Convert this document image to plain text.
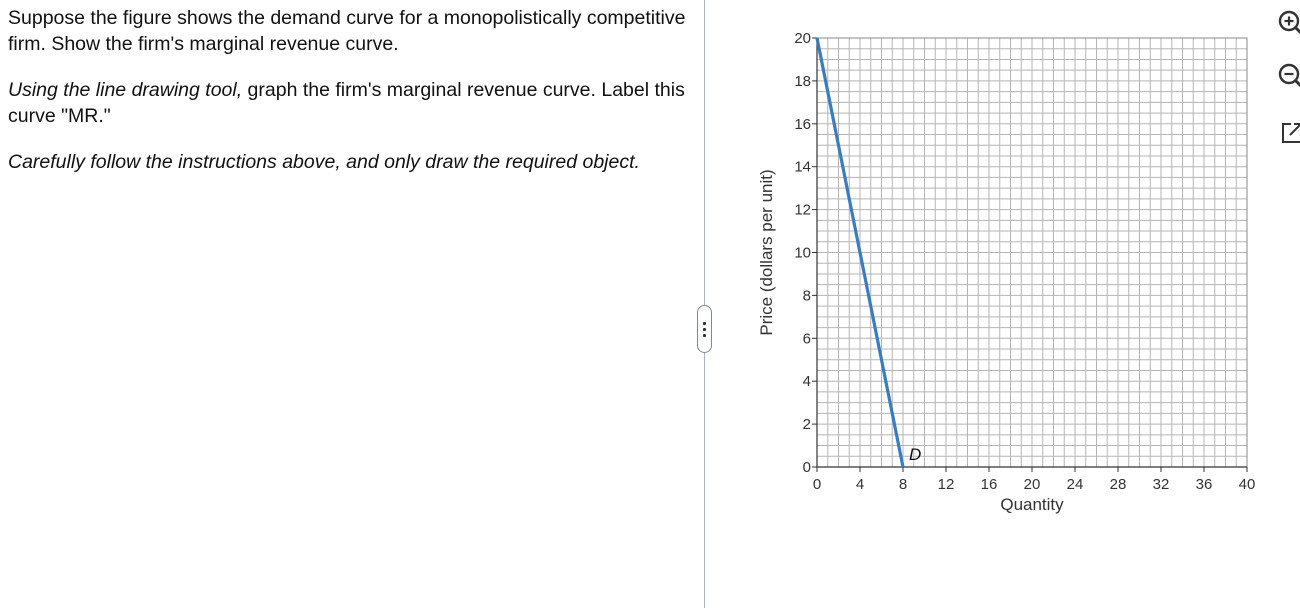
Suppose the figure shows the demand curve for a monopolistically competitive firm. Show the firm's marginal revenue curve.

Using the line drawing tool, graph the firm's marginal revenue curve. Label this curve "MR."

Carefully follow the instructions above, and only draw the required object.

0 4 8 12 16 20 24 28 32 36 40
0
2
4
6
8
10
12
14
16
18
20
Quantity
Price (dollars per unit)
D
